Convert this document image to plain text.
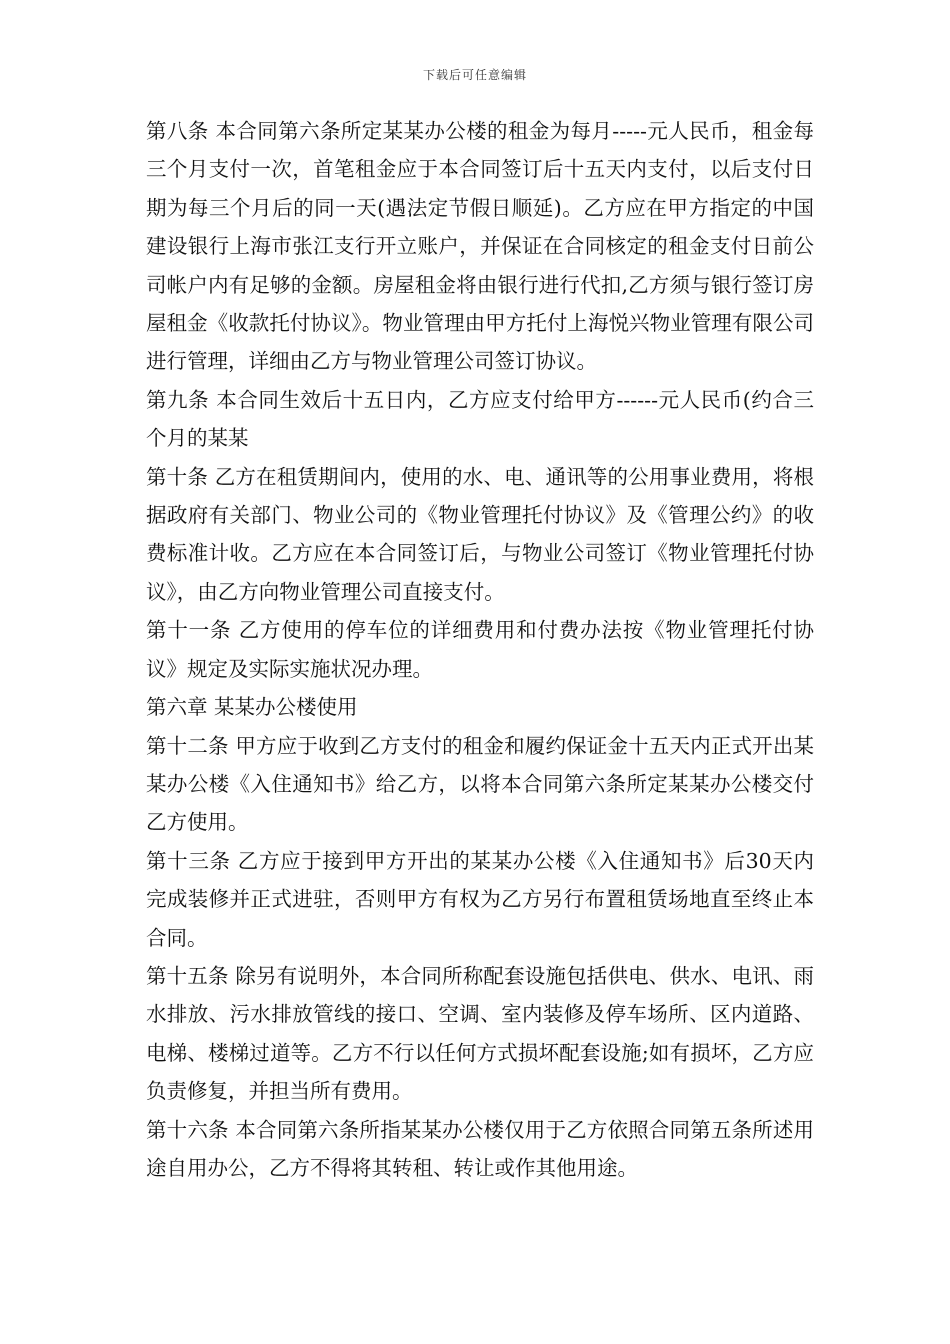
下载后可任意编辑

第八条 本合同第六条所定某某办公楼的租金为每月-----元人民币，租金每三个月支付一次，首笔租金应于本合同签订后十五天内支付，以后支付日期为每三个月后的同一天(遇法定节假日顺延)。乙方应在甲方指定的中国建设银行上海市张江支行开立账户，并保证在合同核定的租金支付日前公司帐户内有足够的金额。房屋租金将由银行进行代扣,乙方须与银行签订房屋租金《收款托付协议》。物业管理由甲方托付上海悦兴物业管理有限公司进行管理，详细由乙方与物业管理公司签订协议。

第九条 本合同生效后十五日内，乙方应支付给甲方------元人民币(约合三个月的某某

第十条 乙方在租赁期间内，使用的水、电、通讯等的公用事业费用，将根据政府有关部门、物业公司的《物业管理托付协议》及《管理公约》的收费标准计收。乙方应在本合同签订后，与物业公司签订《物业管理托付协议》，由乙方向物业管理公司直接支付。

第十一条 乙方使用的停车位的详细费用和付费办法按《物业管理托付协议》规定及实际实施状况办理。

第六章 某某办公楼使用

第十二条 甲方应于收到乙方支付的租金和履约保证金十五天内正式开出某某办公楼《入住通知书》给乙方，以将本合同第六条所定某某办公楼交付乙方使用。

第十三条 乙方应于接到甲方开出的某某办公楼《入住通知书》后30天内完成装修并正式进驻，否则甲方有权为乙方另行布置租赁场地直至终止本合同。

第十五条 除另有说明外，本合同所称配套设施包括供电、供水、电讯、雨水排放、污水排放管线的接口、空调、室内装修及停车场所、区内道路、电梯、楼梯过道等。乙方不行以任何方式损坏配套设施;如有损坏，乙方应负责修复，并担当所有费用。

第十六条 本合同第六条所指某某办公楼仅用于乙方依照合同第五条所述用途自用办公，乙方不得将其转租、转让或作其他用途。
